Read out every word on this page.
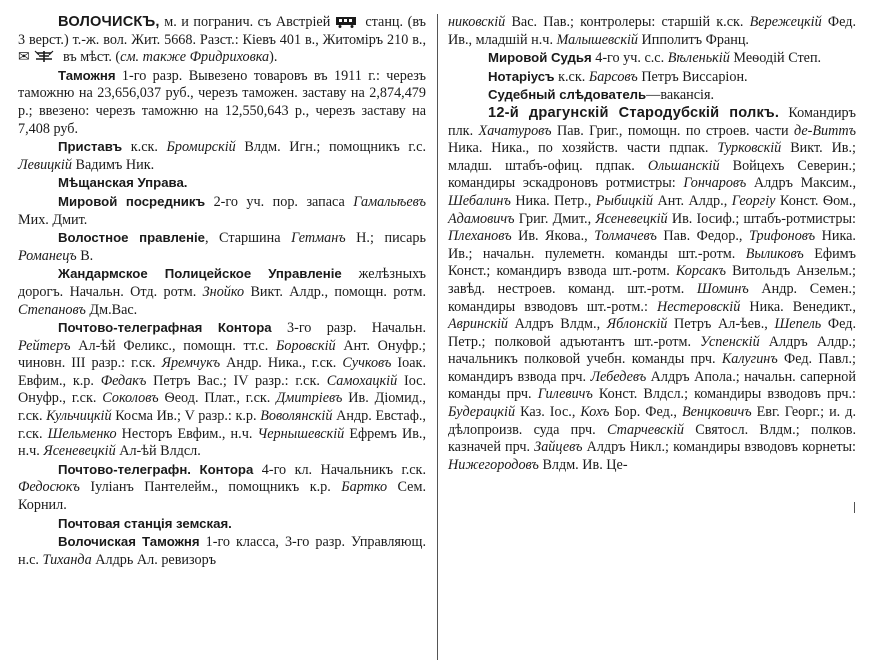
ВОЛОЧИСКЪ, м. и погранич. съ Австріей
станц. (въ 3 верст.) т.-ж. вол. Жит. 5668. Разст.: Кіевъ 401 в., Житоміръ 210 в., ✉
въ мѣст. (см. также Фридриховка).

Таможня 1-го разр. Вывезено товаровъ въ 1911 г.: черезъ таможню на 23,656,037 руб., черезъ таможен. заставу на 2,874,479 р.; ввезено: черезъ таможню на 12,550,643 р., черезъ заставу на 7,408 руб.

Приставъ к.ск. Бромирскій Влдм. Игн.; помощникъ г.с. Левицкій Вадимъ Ник.

Мѣщанская Управа.

Мировой посредникъ 2-го уч. пор. запаса Гамальѣевъ Мих. Дмит.

Волостное правленіе, Старшина Гетманъ Н.; писарь Романецъ В.

Жандармское Полицейское Управленіе желѣзныхъ дорогъ. Начальн. Отд. ротм. Знойко Викт. Алдр., помощн. ротм. Степановъ Дм.Вас.

Почтово-телеграфная Контора 3-го разр. Начальн. Рейтеръ Ал-ѣй Феликс., помощн. тт.с. Боровскій Ант. Онуфр.; чиновн. III разр.: г.ск. Яремчукъ Андр. Ника., г.ск. Сучковъ Іоак. Евфим., к.р. Федакъ Петръ Вас.; IV разр.: г.ск. Самохацкій Іос. Онуфр., г.ск. Соколовъ Ѳеод. Плат., г.ск. Дмитріевъ Ив. Діомид., г.ск. Кульчицкій Косма Ив.; V разр.: к.р. Воволянскій Андр. Евстаф., г.ск. Шельменко Несторъ Евфим., н.ч. Чернышевскій Ефремъ Ив., н.ч. Ясеневецкій Ал-ѣй Влдсл.

Почтово-телеграфн. Контора 4-го кл. Начальникъ г.ск. Федосюкъ Іуліанъ Пантелейм., помощникъ к.р. Бартко Сем. Корнил.

Почтовая станція земская.

Волочиская Таможня 1-го класса, 3-го разр. Управляющ. н.с. Тиханда Алдрь Ал. ревизоръ

никовскій Вас. Пав.; контролеры: старшій к.ск. Вережецкій Фед. Ив., младшій н.ч. Малышевскій Ипполитъ Франц.

Мировой Судья 4-го уч. с.с. Вѣленькій Меѳодій Степ.

Нотаріусъ к.ск. Барсовъ Петръ Виссаріон.

Судебный слѣдователь—вакансія.

12-й драгунскій Стародубскій полкъ. Командиръ плк. Хачатуровъ Пав. Григ., помощн. по строев. части де-Виттъ Ника. Ника., по хозяйств. части пдпак. Турковскій Викт. Ив.; младш. штабъ-офиц. пдпак. Ольшанскій Войцехъ Северин.; командиры эскадроновъ ротмистры: Гончаровъ Алдръ Максим., Шебалинъ Ника. Петр., Рыбицкій Ант. Алдр., Георгіу Конст. Ѳом., Адамовичъ Григ. Дмит., Ясеневецкій Ив. Іосиф.; штабъ-ротмистры: Плехановъ Ив. Якова., Толмачевъ Пав. Федор., Трифоновъ Ника. Ив.; начальн. пулеметн. команды шт.-ротм. Выликовъ Ефимъ Конст.; командиръ взвода шт.-ротм. Корсакъ Витольдъ Анзельм.; завѣд. нестроев. команд. шт.-ротм. Шоминъ Андр. Семен.; командиры взводовъ шт.-ротм.: Нестеровскій Ника. Венедикт., Авринскій Алдръ Влдм., Яблонскій Петръ Ал-ѣев., Шепель Фед. Петр.; полковой адъютантъ шт.-ротм. Успенскій Алдръ Алдр.; начальникъ полковой учебн. команды прч. Калугинъ Фед. Павл.; командиръ взвода прч. Лебедевъ Алдръ Апола.; начальн. саперной команды прч. Гилевичъ Конст. Влдсл.; командиры взводовъ прч.: Будерацкій Каз. Іос., Кохъ Бор. Фед., Венцковичъ Евг. Георг.; и. д. дѣлопроизв. суда прч. Старчевскій Святосл. Влдм.; полков. казначей прч. Зайцевъ Алдръ Никл.; командиры взводовъ корнеты: Нижегородовъ Влдм. Ив. Це-

ǀ
